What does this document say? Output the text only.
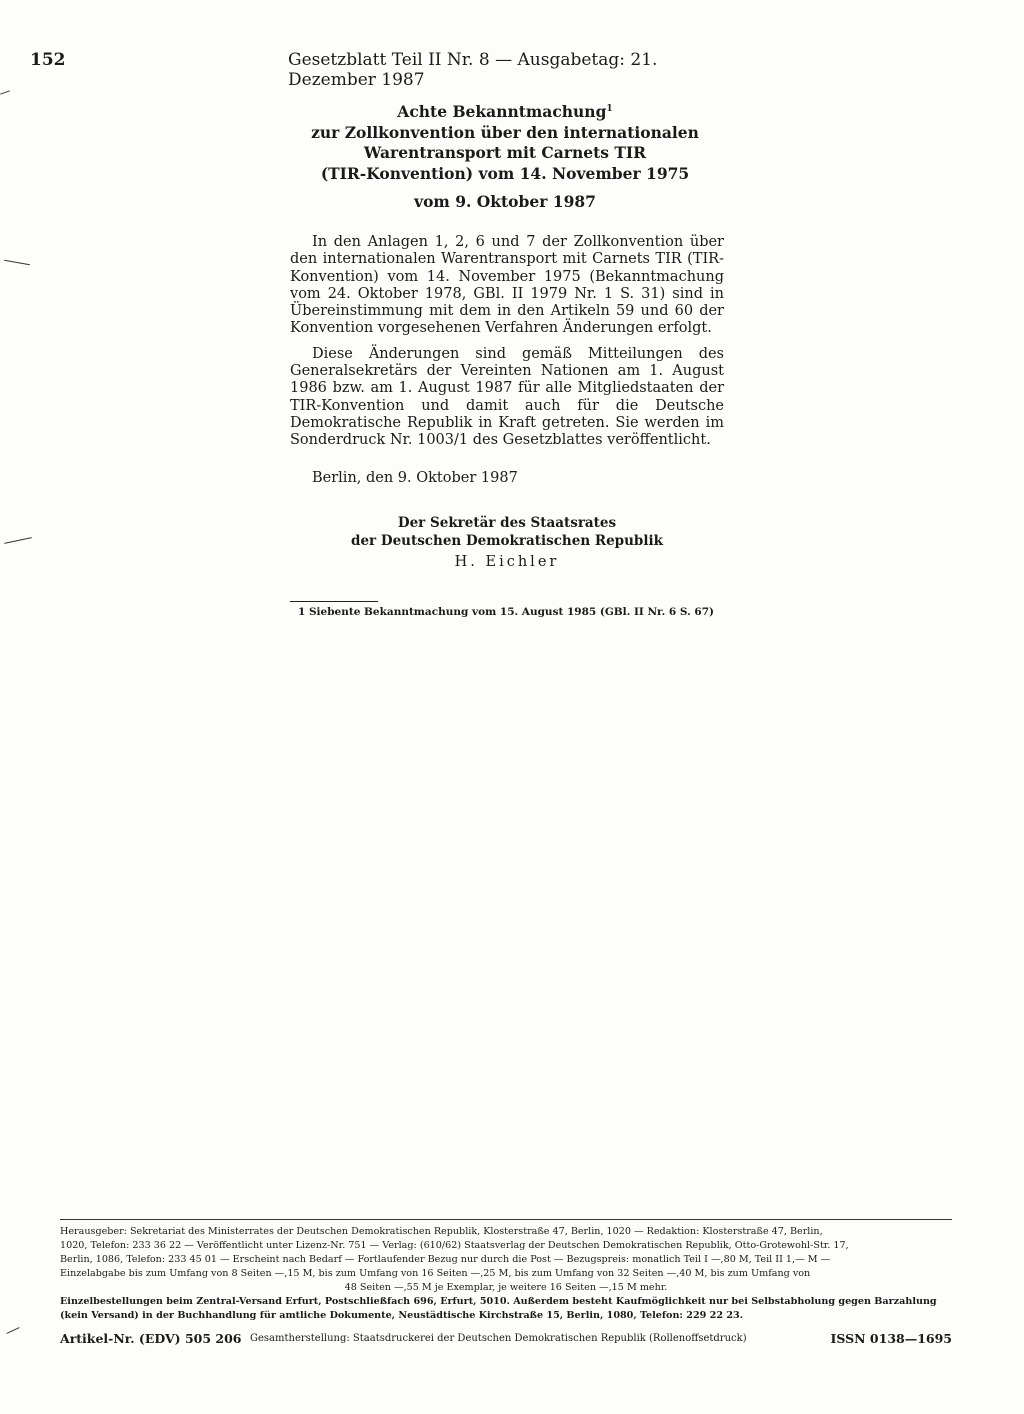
152	Gesetzblatt Teil II Nr. 8 — Ausgabetag: 21. Dezember 1987
Achte Bekanntmachung$^1$
zur Zollkonvention über den internationalen
Warentransport mit Carnets TIR
(TIR-Konvention) vom 14. November 1975
vom 9. Oktober 1987

In den Anlagen 1, 2, 6 und 7 der Zollkonvention über den internationalen Warentransport mit Carnets TIR (TIR-Konvention) vom 14. November 1975 (Bekanntmachung vom 24. Oktober 1978, GBl. II 1979 Nr. 1 S. 31) sind in Übereinstimmung mit dem in den Artikeln 59 und 60 der Konvention vorgesehenen Verfahren Änderungen erfolgt.

Diese Änderungen sind gemäß Mitteilungen des Generalsekretärs der Vereinten Nationen am 1. August 1986 bzw. am 1. August 1987 für alle Mitgliedstaaten der TIR-Konvention und damit auch für die Deutsche Demokratische Republik in Kraft getreten. Sie werden im Sonderdruck Nr. 1003/1 des Gesetzblattes veröffentlicht.

Berlin, den 9. Oktober 1987
Der Sekretär des Staatsrates
der Deutschen Demokratischen Republik
H. Eichler
1 Siebente Bekanntmachung vom 15. August 1985 (GBl. II Nr. 6 S. 67)
Herausgeber: Sekretariat des Ministerrates der Deutschen Demokratischen Republik, Klosterstraße 47, Berlin, 1020 — Redaktion: Klosterstraße 47, Berlin,
1020, Telefon: 233 36 22 — Veröffentlicht unter Lizenz-Nr. 751 — Verlag: (610/62) Staatsverlag der Deutschen Demokratischen Republik, Otto-Grotewohl-Str. 17,
Berlin, 1086, Telefon: 233 45 01 — Erscheint nach Bedarf — Fortlaufender Bezug nur durch die Post — Bezugspreis: monatlich Teil I —,80 M, Teil II 1,— M —
Einzelabgabe bis zum Umfang von 8 Seiten —,15 M, bis zum Umfang von 16 Seiten —,25 M, bis zum Umfang von 32 Seiten —,40 M, bis zum Umfang von
48 Seiten —,55 M je Exemplar, je weitere 16 Seiten —,15 M mehr.
Einzelbestellungen beim Zentral-Versand Erfurt, Postschließfach 696, Erfurt, 5010. Außerdem besteht Kaufmöglichkeit nur bei Selbstabholung gegen Barzahlung
(kein Versand) in der Buchhandlung für amtliche Dokumente, Neustädtische Kirchstraße 15, Berlin, 1080, Telefon: 229 22 23.
Artikel-Nr. (EDV) 505 206 Gesamtherstellung: Staatsdruckerei der Deutschen Demokratischen Republik (Rollenoffsetdruck)	ISSN 0138—1695
